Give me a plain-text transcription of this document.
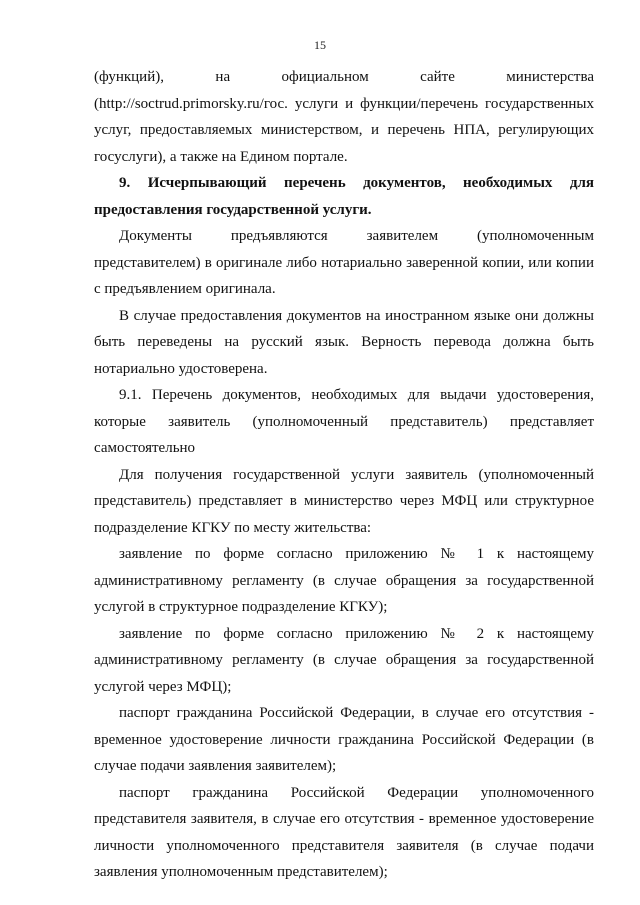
15
(функций), на официальном сайте министерства
(http://soctrud.primorsky.ru/гос. услуги и функции/перечень государственных
услуг, предоставляемых министерством, и перечень НПА, регулирующих
госуслуги), а также на Едином портале.
9. Исчерпывающий перечень документов, необходимых для
предоставления государственной услуги.
Документы предъявляются заявителем (уполномоченным
представителем) в оригинале либо нотариально заверенной копии, или копии
с предъявлением оригинала.
В случае предоставления документов на иностранном языке они должны
быть переведены на русский язык. Верность перевода должна быть
нотариально удостоверена.
9.1. Перечень документов, необходимых для выдачи удостоверения,
которые заявитель (уполномоченный представитель) представляет
самостоятельно
Для получения государственной услуги заявитель (уполномоченный
представитель) представляет в министерство через МФЦ или структурное
подразделение КГКУ по месту жительства:
заявление по форме согласно приложению № 1 к настоящему
административному регламенту (в случае обращения за государственной
услугой в структурное подразделение КГКУ);
заявление по форме согласно приложению № 2 к настоящему
административному регламенту (в случае обращения за государственной
услугой через МФЦ);
паспорт гражданина Российской Федерации, в случае его отсутствия -
временное удостоверение личности гражданина Российской Федерации (в
случае подачи заявления заявителем);
паспорт гражданина Российской Федерации уполномоченного
представителя заявителя, в случае его отсутствия - временное удостоверение
личности уполномоченного представителя заявителя (в случае подачи
заявления уполномоченным представителем);
